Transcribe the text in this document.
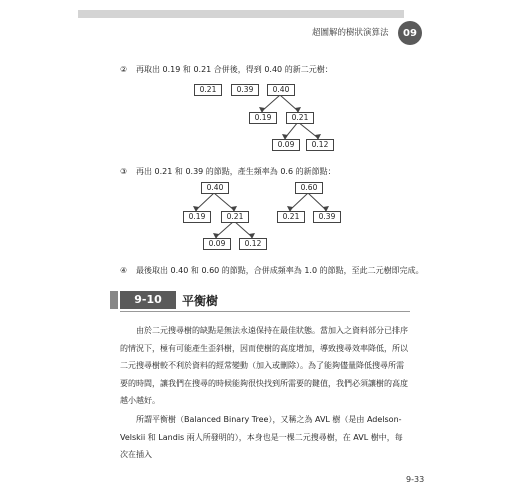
超圖解的樹狀演算法	09
② 再取出 0.19 和 0.21 合併後，得到 0.40 的新二元樹：
0.21	0.39	0.40
0.19	0.21
0.09	0.12
③ 再出 0.21 和 0.39 的節點，產生頻率為 0.6 的新節點：
0.40
0.19	0.21
0.09	0.12
0.60
0.21	0.39
④ 最後取出 0.40 和 0.60 的節點，合併成頻率為 1.0 的節點，至此二元樹即完成。
9-10	平衡樹
由於二元搜尋樹的缺點是無法永遠保持在最佳狀態。當加入之資料部分已排序的情況下，極有可能產生歪斜樹，因而使樹的高度增加，導致搜尋效率降低，所以二元搜尋樹較不利於資料的經常變動（加入或刪除）。為了能夠儘量降低搜尋所需要的時間，讓我們在搜尋的時候能夠很快找到所需要的鍵值，我們必須讓樹的高度越小越好。
所謂平衡樹（Balanced Binary Tree），又稱之為 AVL 樹（是由 Adelson-Velskii 和 Landis 兩人所發明的），本身也是一棵二元搜尋樹，在 AVL 樹中，每次在插入
9-33
